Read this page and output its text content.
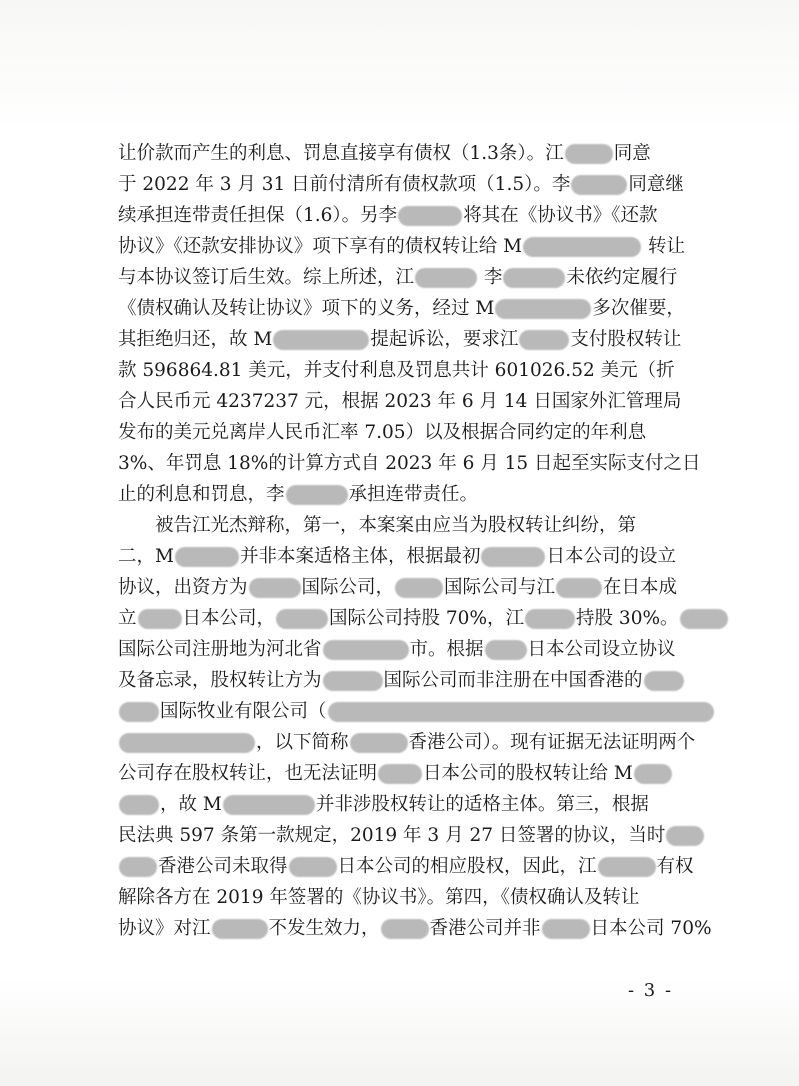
让价款而产生的利息、罚息直接享有债权（1.3条）。江	同意
于 2022 年 3 月 31 日前付清所有债权款项（1.5）。李	同意继
续承担连带责任担保（1.6）。另李	将其在《协议书》《还款
协议》《还款安排协议》项下享有的债权转让给 M	转让
与本协议签订后生效。综上所述，江	李	未依约定履行
《债权确认及转让协议》项下的义务，经过 M	多次催要，
其拒绝归还，故 M	提起诉讼，要求江	支付股权转让
款 596864.81 美元，并支付利息及罚息共计 601026.52 美元（折
合人民币元 4237237 元，根据 2023 年 6 月 14 日国家外汇管理局
发布的美元兑离岸人民币汇率 7.05）以及根据合同约定的年利息
3%、年罚息 18%的计算方式自 2023 年 6 月 15 日起至实际支付之日
止的利息和罚息，李	承担连带责任。
被告江光杰辩称，第一，本案案由应当为股权转让纠纷，第
二，M	并非本案适格主体，根据最初	日本公司的设立
协议，出资方为	国际公司，	国际公司与江	在日本成
立 日本公司，	国际公司持股 70%，江	持股 30%。
国际公司注册地为河北省	市。根据 日本公司设立协议
及备忘录，股权转让方为	国际公司而非注册在中国香港的
国际牧业有限公司（
，以下简称	香港公司）。现有证据无法证明两个
公司存在股权转让，也无法证明 日本公司的股权转让给 M
，故 M	并非涉股权转让的适格主体。第三，根据
民法典 597 条第一款规定，2019 年 3 月 27 日签署的协议，当时
香港公司未取得	日本公司的相应股权，因此，江	有权
解除各方在 2019 年签署的《协议书》。第四，《债权确认及转让
协议》对江	不发生效力，	香港公司并非	日本公司 70%
- 3 -
